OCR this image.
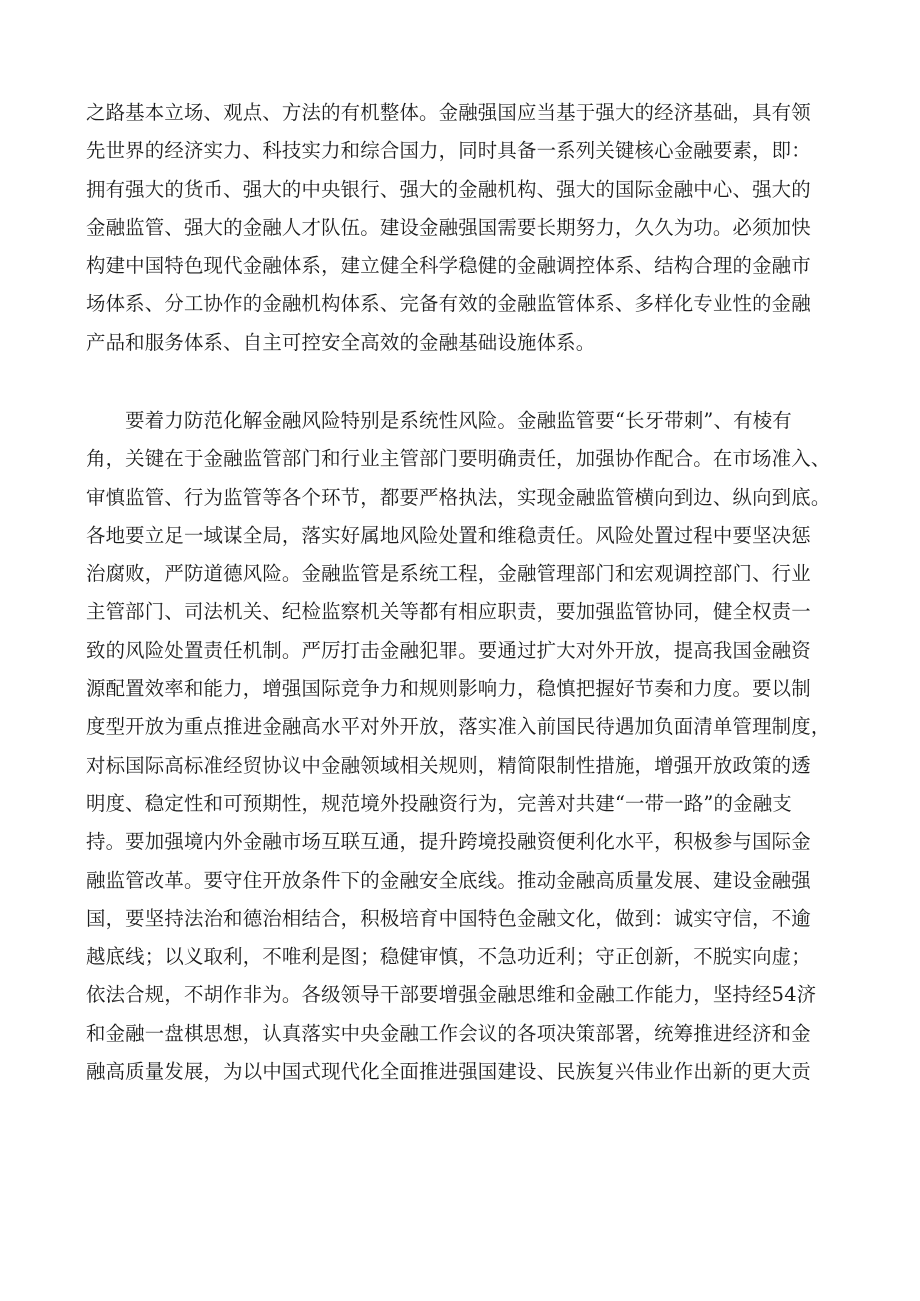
之路基本立场、观点、方法的有机整体。金融强国应当基于强大的经济基础，具有领
先世界的经济实力、科技实力和综合国力，同时具备一系列关键核心金融要素，即：
拥有强大的货币、强大的中央银行、强大的金融机构、强大的国际金融中心、强大的
金融监管、强大的金融人才队伍。建设金融强国需要长期努力，久久为功。必须加快
构建中国特色现代金融体系，建立健全科学稳健的金融调控体系、结构合理的金融市
场体系、分工协作的金融机构体系、完备有效的金融监管体系、多样化专业性的金融
产品和服务体系、自主可控安全高效的金融基础设施体系。
　　要着力防范化解金融风险特别是系统性风险。金融监管要“长牙带刺”、有棱有
角，关键在于金融监管部门和行业主管部门要明确责任，加强协作配合。在市场准入、
审慎监管、行为监管等各个环节，都要严格执法，实现金融监管横向到边、纵向到底。
各地要立足一域谋全局，落实好属地风险处置和维稳责任。风险处置过程中要坚决惩
治腐败，严防道德风险。金融监管是系统工程，金融管理部门和宏观调控部门、行业
主管部门、司法机关、纪检监察机关等都有相应职责，要加强监管协同，健全权责一
致的风险处置责任机制。严厉打击金融犯罪。要通过扩大对外开放，提高我国金融资
源配置效率和能力，增强国际竞争力和规则影响力，稳慎把握好节奏和力度。要以制
度型开放为重点推进金融高水平对外开放，落实准入前国民待遇加负面清单管理制度，
对标国际高标准经贸协议中金融领域相关规则，精简限制性措施，增强开放政策的透
明度、稳定性和可预期性，规范境外投融资行为，完善对共建“一带一路”的金融支
持。要加强境内外金融市场互联互通，提升跨境投融资便利化水平，积极参与国际金
融监管改革。要守住开放条件下的金融安全底线。推动金融高质量发展、建设金融强
国，要坚持法治和德治相结合，积极培育中国特色金融文化，做到：诚实守信，不逾
越底线；以义取利，不唯利是图；稳健审慎，不急功近利；守正创新，不脱实向虚；
依法合规，不胡作非为。各级领导干部要增强金融思维和金融工作能力，坚持经54济
和金融一盘棋思想，认真落实中央金融工作会议的各项决策部署，统筹推进经济和金
融高质量发展，为以中国式现代化全面推进强国建设、民族复兴伟业作出新的更大贡
